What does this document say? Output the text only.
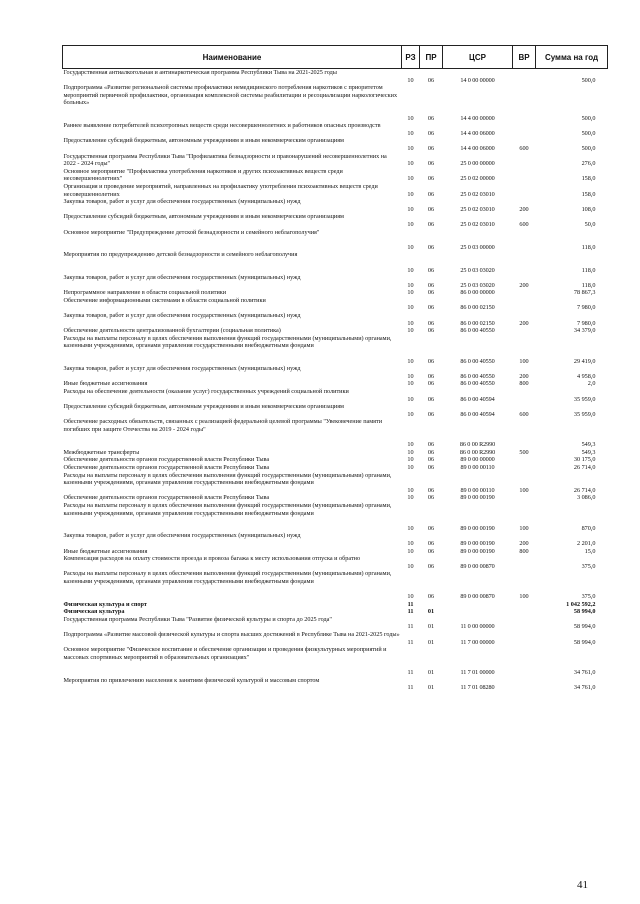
Наименование	РЗ	ПР	ЦСР	ВР	Сумма на год
Государственная антиалкогольная и антинаркотическая программа Республики Тыва на 2021-2025 годы	10	06	14 0 00 00000		500,0
Подпрограмма «Развитие региональной системы профилактики немедицинского потребления наркотиков с приоритетом мероприятий первичной профилактики, организация комплексной системы реабилитации и ресоциализации наркологических больных»	10	06	14 4 00 00000		500,0
Раннее выявление потребителей психотропных веществ среди несовершеннолетних и работников опасных производств	10	06	14 4 00 06000		500,0
Предоставление субсидий бюджетным, автономным учреждениям и иным некоммерческим организациям	10	06	14 4 00 06000	600	500,0
Государственная программа Республики Тыва "Профилактика безнадзорности и правонарушений несовершеннолетних на 2022 - 2024 годы"	10	06	25 0 00 00000		276,0
Основное мероприятие "Профилактика употребления наркотиков и других психоактивных веществ среди несовершеннолетних"	10	06	25 0 02 00000		158,0
Организация и проведение мероприятий, направленных на профилактику употребления психоактивных веществ среди несовершеннолетних	10	06	25 0 02 03010		158,0
Закупка товаров, работ и услуг для обеспечения государственных (муниципальных) нужд	10	06	25 0 02 03010	200	108,0
Предоставление субсидий бюджетным, автономным учреждениям и иным некоммерческим организациям	10	06	25 0 02 03010	600	50,0
Основное мероприятие "Предупреждение детской безнадзорности и семейного неблагополучия"	10	06	25 0 03 00000		118,0
Мероприятия по предупреждению детской безнадзорности и семейного неблагополучия	10	06	25 0 03 03020		118,0
Закупка товаров, работ и услуг для обеспечения государственных (муниципальных) нужд	10	06	25 0 03 03020	200	118,0
Непрограммное направление в области социальной политики	10	06	86 0 00 00000		78 867,3
Обеспечение информационными системами в области социальной политики	10	06	86 0 00 02150		7 980,0
Закупка товаров, работ и услуг для обеспечения государственных (муниципальных) нужд	10	06	86 0 00 02150	200	7 980,0
Обеспечение деятельности централизованной бухгалтерии (социальная политика)	10	06	86 0 00 40550		34 379,0
Расходы на выплаты персоналу в целях обеспечения выполнения функций государственными (муниципальными) органами, казенными учреждениями, органами управления государственными внебюджетными фондами	10	06	86 0 00 40550	100	29 419,0
Закупка товаров, работ и услуг для обеспечения государственных (муниципальных) нужд	10	06	86 0 00 40550	200	4 958,0
Иные бюджетные ассигнования	10	06	86 0 00 40550	800	2,0
Расходы на обеспечение деятельности (оказание услуг) государственных учреждений социальной политики	10	06	86 0 00 40594		35 959,0
Предоставление субсидий бюджетным, автономным учреждениям и иным некоммерческим организациям	10	06	86 0 00 40594	600	35 959,0
Обеспечение расходных обязательств, связанных с реализацией федеральной целевой программы "Увековечение памяти погибших при защите Отечества на 2019 - 2024 годы"	10	06	86 0 00 R2990		549,3
Межбюджетные трансферты	10	06	86 0 00 R2990	500	549,3
Обеспечение деятельности органов государственной власти Республики Тыва	10	06	89 0 00 00000		30 175,0
Обеспечение деятельности органов государственной власти Республики Тыва	10	06	89 0 00 00110		26 714,0
Расходы на выплаты персоналу в целях обеспечения выполнения функций государственными (муниципальными) органами, казенными учреждениями, органами управления государственными внебюджетными фондами	10	06	89 0 00 00110	100	26 714,0
Обеспечение деятельности органов государственной власти Республики Тыва	10	06	89 0 00 00190		3 086,0
Расходы на выплаты персоналу в целях обеспечения выполнения функций государственными (муниципальными) органами, казенными учреждениями, органами управления государственными внебюджетными фондами	10	06	89 0 00 00190	100	870,0
Закупка товаров, работ и услуг для обеспечения государственных (муниципальных) нужд	10	06	89 0 00 00190	200	2 201,0
Иные бюджетные ассигнования	10	06	89 0 00 00190	800	15,0
Компенсация расходов на оплату стоимости проезда и провоза багажа к месту использования отпуска и обратно	10	06	89 0 00 00870		375,0
Расходы на выплаты персоналу в целях обеспечения выполнения функций государственными (муниципальными) органами, казенными учреждениями, органами управления государственными внебюджетными фондами	10	06	89 0 00 00870	100	375,0
Физическая культура и спорт	11				1 042 592,2
Физическая культура	11	01			58 994,0
Государственная программа Республики Тыва "Развитие физической культуры и спорта до 2025 года"	11	01	11 0 00 00000		58 994,0
Подпрограмма «Развитие массовой физической культуры и спорта высших достижений в Республике Тыва на 2021-2025 годы»	11	01	11 7 00 00000		58 994,0
Основное мероприятие "Физическое воспитание и обеспечение организации и проведения физкультурных мероприятий и массовых спортивных мероприятий в образовательных организациях"	11	01	11 7 01 00000		34 761,0
Мероприятия по привлечению населения к занятиям физической культурой и массовым спортом	11	01	11 7 01 08280		34 761,0
41
